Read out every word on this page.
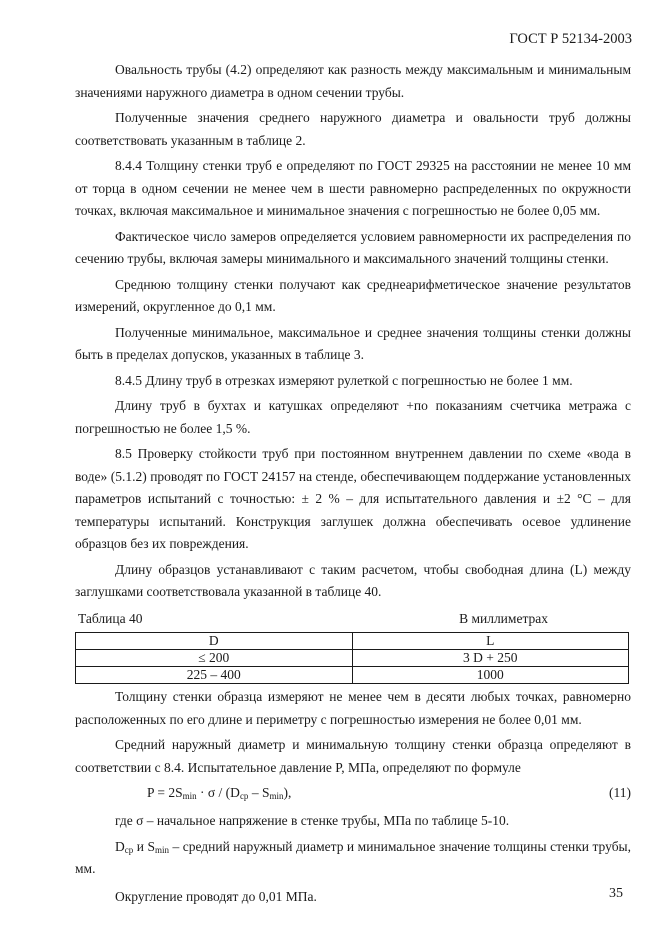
ГОСТ Р 52134-2003

Овальность трубы (4.2) определяют как разность между максимальным и минимальным значениями наружного диаметра в одном сечении трубы.

Полученные значения среднего наружного диаметра и овальности труб должны соответствовать указанным в таблице 2.

8.4.4 Толщину стенки труб e определяют по ГОСТ 29325 на расстоянии не менее 10 мм от торца в одном сечении не менее чем в шести равномерно распределенных по окружности точках, включая максимальное и минимальное значения с погрешностью не более 0,05 мм.

Фактическое число замеров определяется условием равномерности их распределения по сечению трубы, включая замеры минимального и максимального значений толщины стенки.

Среднюю толщину стенки получают как среднеарифметическое значение результатов измерений, округленное до 0,1 мм.

Полученные минимальное, максимальное и среднее значения толщины стенки должны быть в пределах допусков, указанных в таблице 3.

8.4.5 Длину труб в отрезках измеряют рулеткой с погрешностью не более 1 мм.

Длину труб в бухтах и катушках определяют +по показаниям счетчика метража с погрешностью не более 1,5 %.

8.5 Проверку стойкости труб при постоянном внутреннем давлении по схеме «вода в воде» (5.1.2) проводят по ГОСТ 24157 на стенде, обеспечивающем поддержание установленных параметров испытаний с точностью: ± 2 % – для испытательного давления и ±2 °С – для температуры испытаний. Конструкция заглушек должна обеспечивать осевое удлинение образцов без их повреждения.

Длину образцов устанавливают с таким расчетом, чтобы свободная длина (L) между заглушками соответствовала указанной в таблице 40.

Таблица 40	В миллиметрах
D	L
≤ 200	3 D + 250
225 – 400	1000

Толщину стенки образца измеряют не менее чем в десяти любых точках, равномерно расположенных по его длине и периметру с погрешностью измерения не более 0,01 мм.

Средний наружный диаметр и минимальную толщину стенки образца определяют в соответствии с 8.4. Испытательное давление P, МПа, определяют по формуле

$P = 2S_{min} \cdot \sigma / (D_{ср} - S_{min})$,	(11)

где σ – начальное напряжение в стенке трубы, МПа по таблице 5-10.

$D_{ср}$ и $S_{min}$ – средний наружный диаметр и минимальное значение толщины стенки трубы, мм.

Округление проводят до 0,01 МПа.	35
